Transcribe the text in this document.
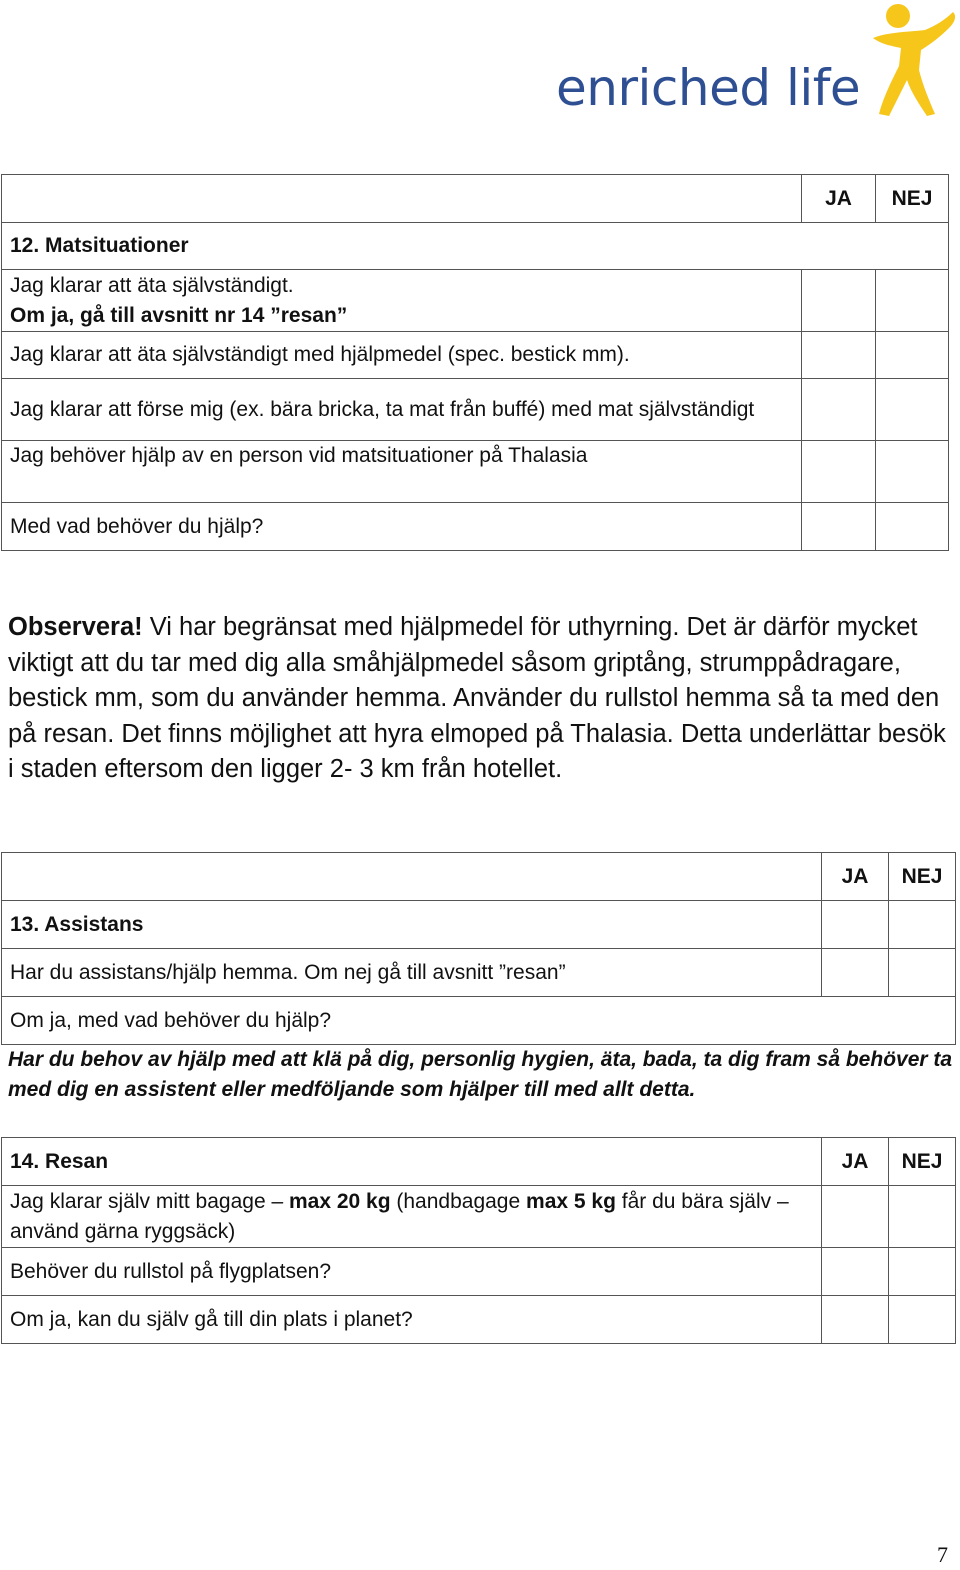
enriched life
	JA	NEJ
12. Matsituationer		

Jag klarar att äta självständigt.
Om ja, gå till avsnitt nr 14 ”resan”		

Jag klarar att äta självständigt med hjälpmedel (spec. bestick mm).		
Jag klarar att förse mig (ex. bära bricka, ta mat från buffé) med mat självständigt		
Jag behöver hjälp av en person vid matsituationer på Thalasia		
Med vad behöver du hjälp?		
Observera! Vi har begränsat med hjälpmedel för uthyrning. Det är därför mycket viktigt att du tar med dig alla småhjälpmedel såsom griptång, strumppådragare, bestick mm, som du använder hemma. Använder du rullstol hemma så ta med den på resan. Det finns möjlighet att hyra elmoped på Thalasia. Detta underlättar besök i staden eftersom den ligger 2- 3 km från hotellet.
	JA	NEJ
13. Assistans		
Har du assistans/hjälp hemma. Om nej gå till avsnitt ”resan”		
Om ja, med vad behöver du hjälp?		
Har du behov av hjälp med att klä på dig, personlig hygien, äta, bada, ta dig fram så behöver ta med dig en assistent eller medföljande som hjälper till med allt detta.
14. Resan	JA	NEJ
Jag klarar själv mitt bagage – max 20 kg (handbagage max 5 kg får du bära själv – använd gärna ryggsäck)		
Behöver du rullstol på flygplatsen?		
Om ja, kan du själv gå till din plats i planet?		
7
